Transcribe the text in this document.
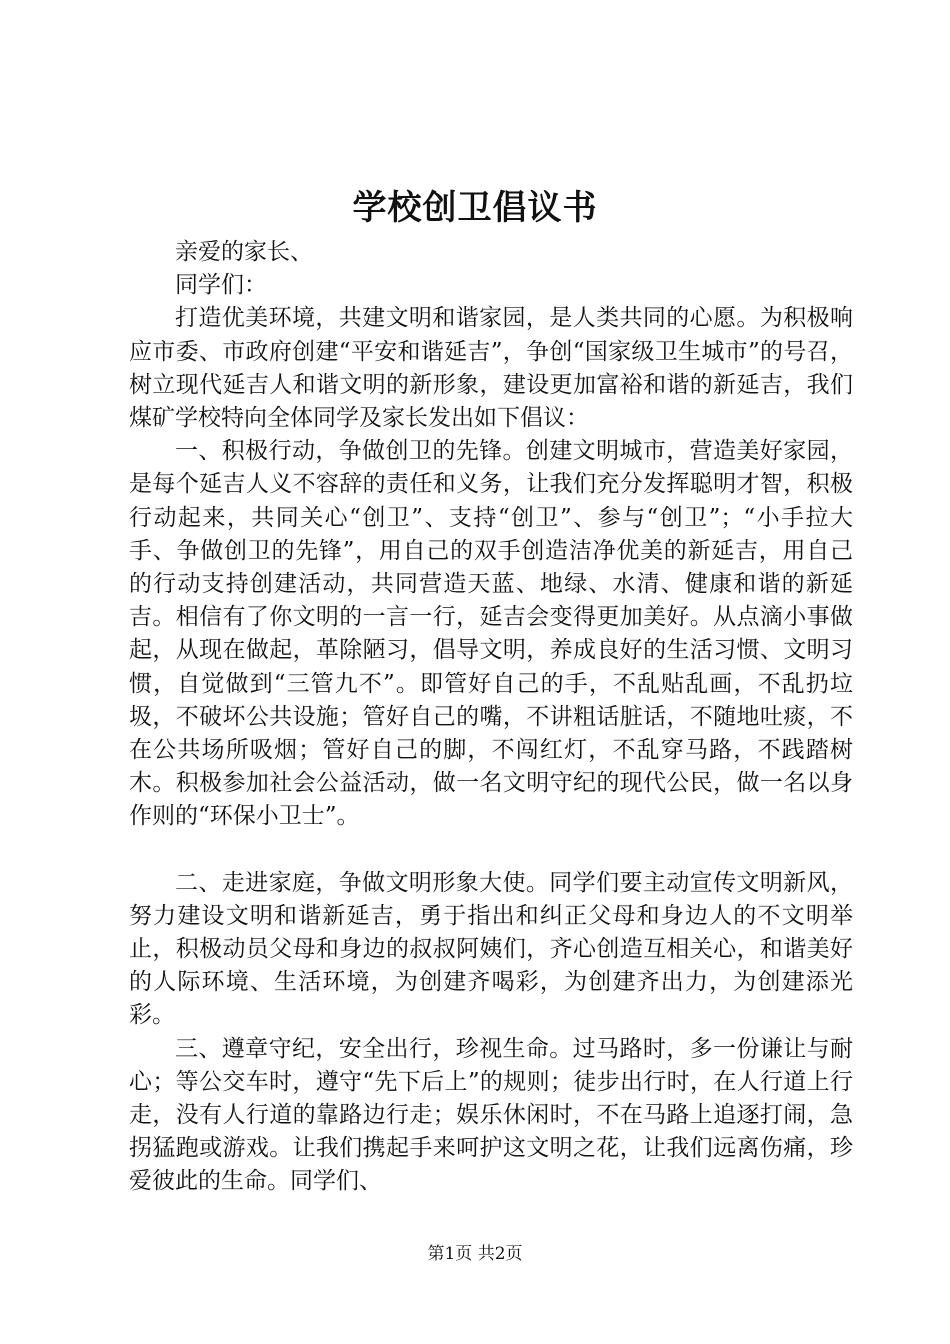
学校创卫倡议书

亲爱的家长、

同学们：

打造优美环境，共建文明和谐家园，是人类共同的心愿。为积极响应市委、市政府创建“平安和谐延吉”，争创“国家级卫生城市”的号召，树立现代延吉人和谐文明的新形象，建设更加富裕和谐的新延吉，我们煤矿学校特向全体同学及家长发出如下倡议：

一、积极行动，争做创卫的先锋。创建文明城市，营造美好家园，是每个延吉人义不容辞的责任和义务，让我们充分发挥聪明才智，积极行动起来，共同关心“创卫”、支持“创卫”、参与“创卫”；“小手拉大手、争做创卫的先锋”，用自己的双手创造洁净优美的新延吉，用自己的行动支持创建活动，共同营造天蓝、地绿、水清、健康和谐的新延吉。相信有了你文明的一言一行，延吉会变得更加美好。从点滴小事做起，从现在做起，革除陋习，倡导文明，养成良好的生活习惯、文明习惯，自觉做到“三管九不”。即管好自己的手，不乱贴乱画，不乱扔垃圾，不破坏公共设施；管好自己的嘴，不讲粗话脏话，不随地吐痰，不在公共场所吸烟；管好自己的脚，不闯红灯，不乱穿马路，不践踏树木。积极参加社会公益活动，做一名文明守纪的现代公民，做一名以身作则的“环保小卫士”。

二、走进家庭，争做文明形象大使。同学们要主动宣传文明新风，努力建设文明和谐新延吉，勇于指出和纠正父母和身边人的不文明举止，积极动员父母和身边的叔叔阿姨们，齐心创造互相关心，和谐美好的人际环境、生活环境，为创建齐喝彩，为创建齐出力，为创建添光彩。

三、遵章守纪，安全出行，珍视生命。过马路时，多一份谦让与耐心；等公交车时，遵守“先下后上”的规则；徒步出行时，在人行道上行走，没有人行道的靠路边行走；娱乐休闲时，不在马路上追逐打闹，急拐猛跑或游戏。让我们携起手来呵护这文明之花，让我们远离伤痛，珍爱彼此的生命。同学们、

第1页 共2页
